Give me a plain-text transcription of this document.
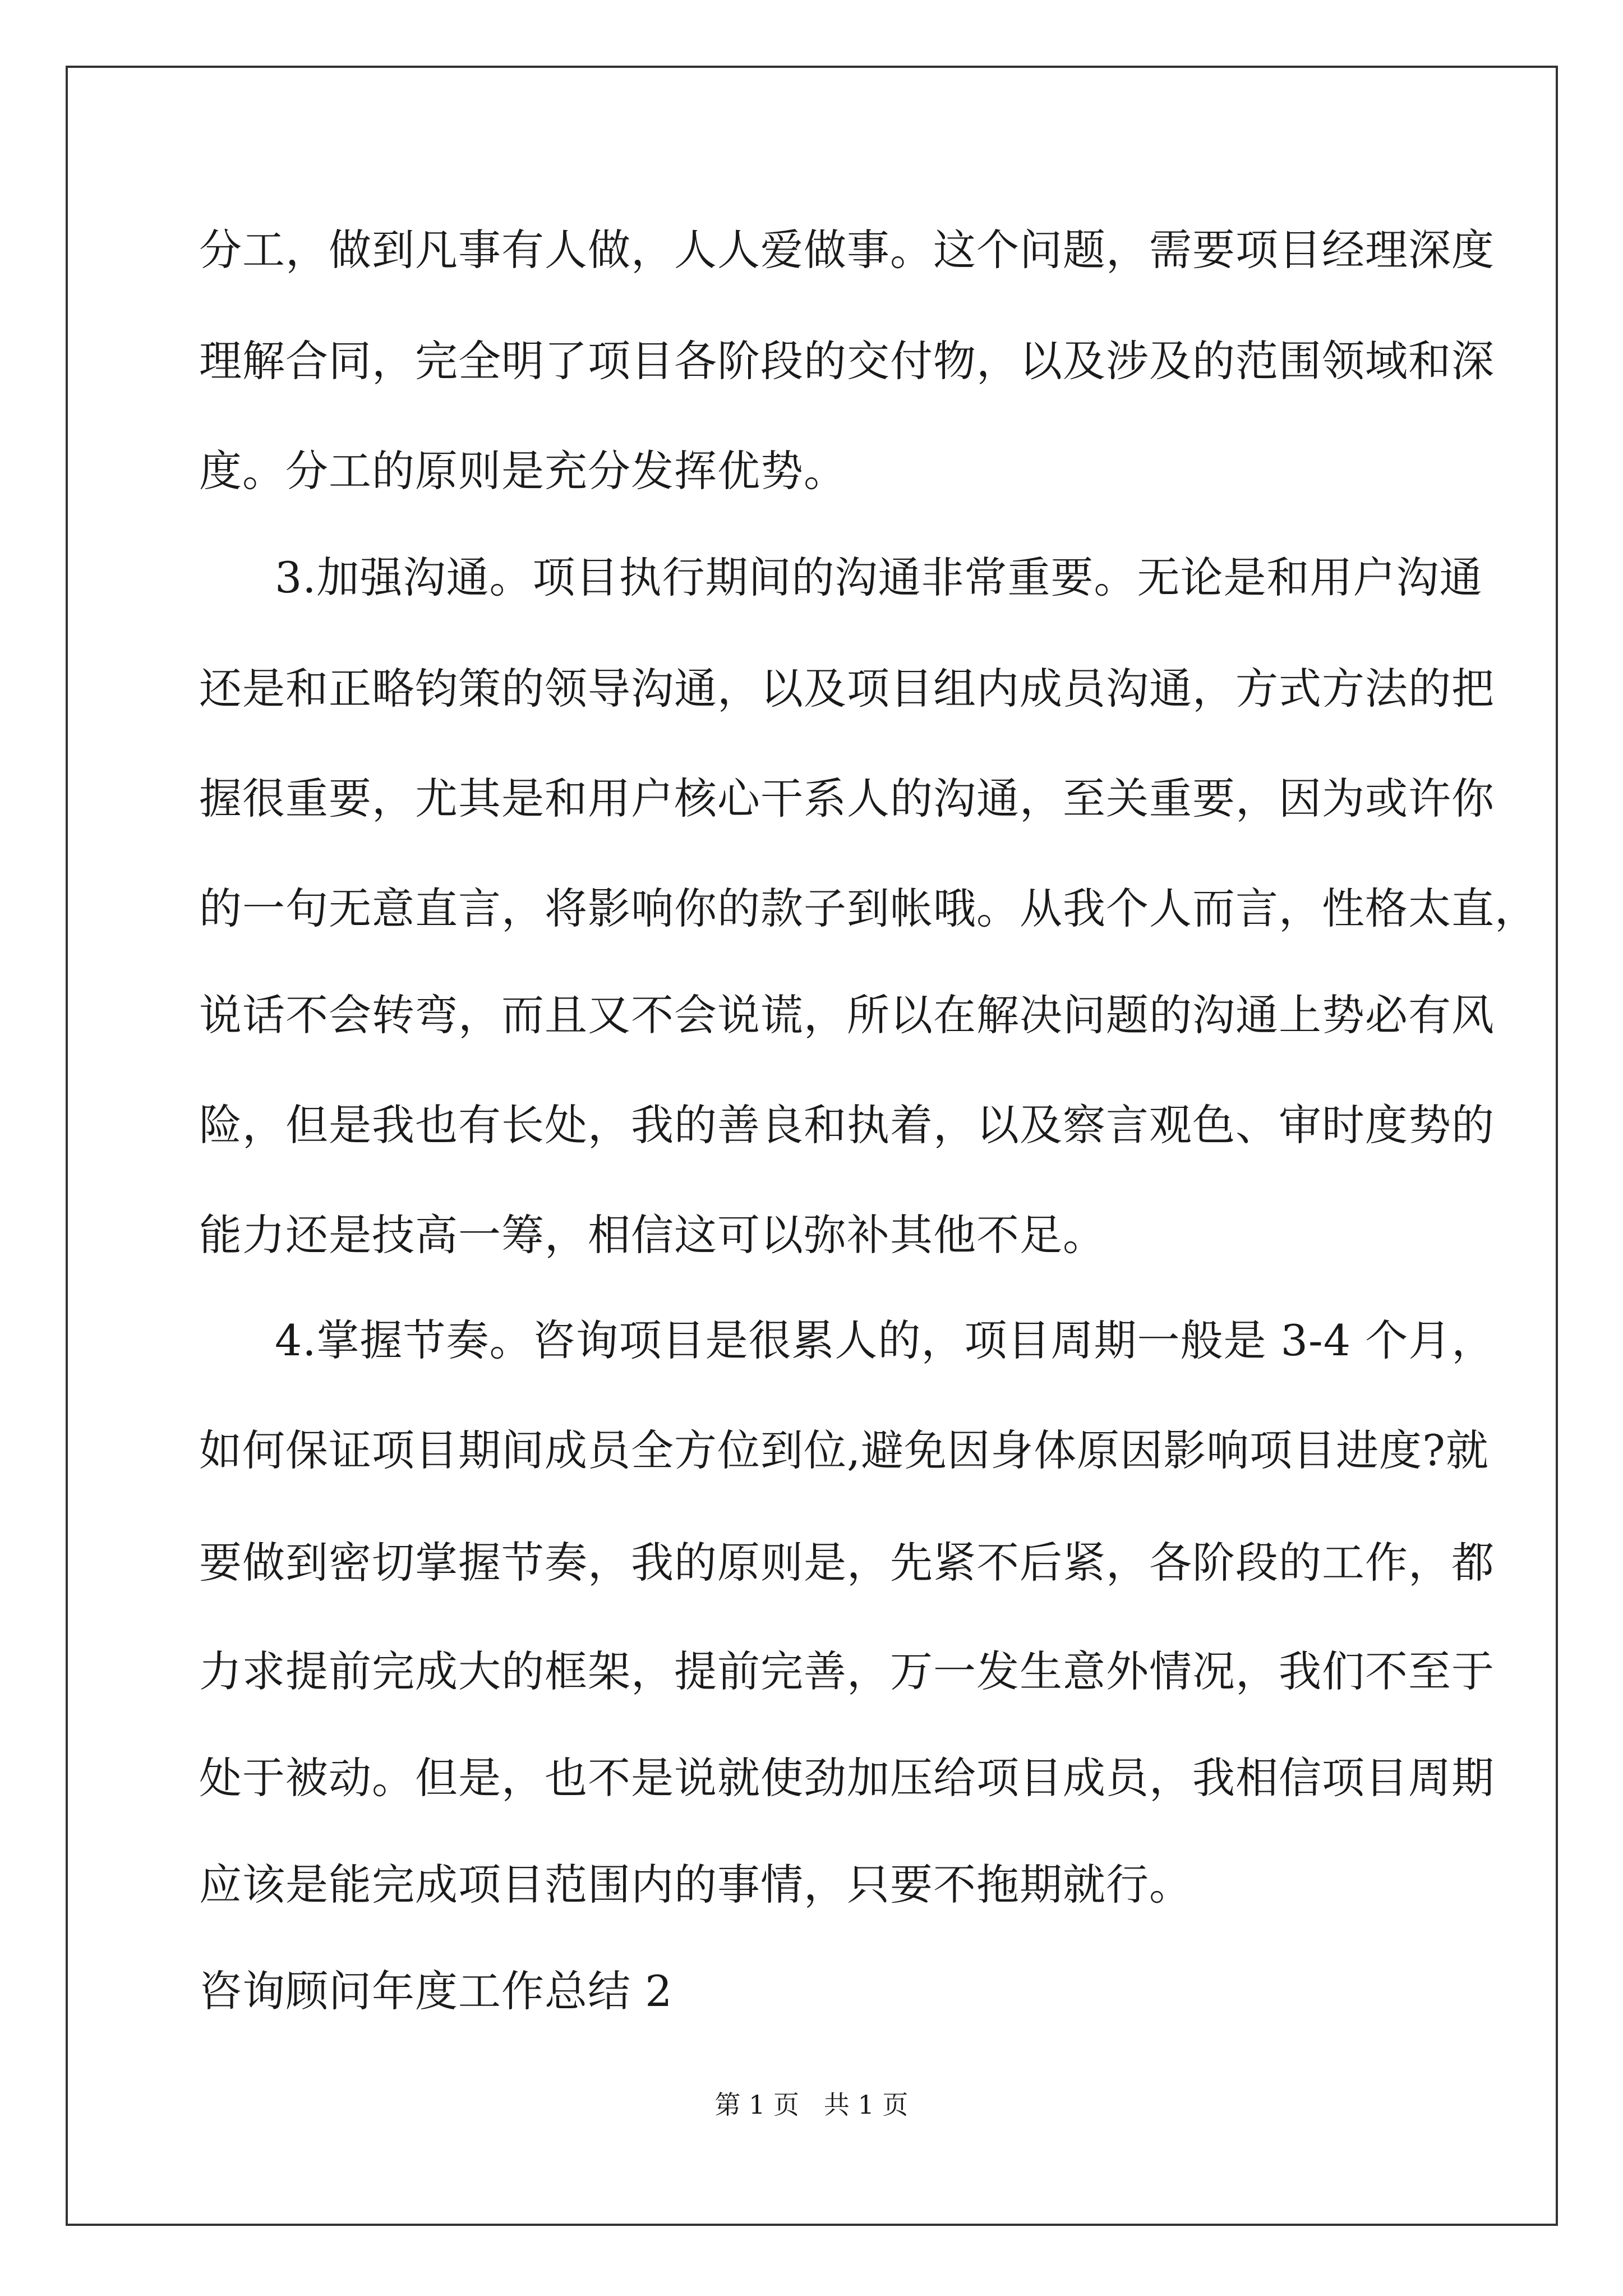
分工，做到凡事有人做，人人爱做事。这个问题，需要项目经理深度
理解合同，完全明了项目各阶段的交付物，以及涉及的范围领域和深
度。分工的原则是充分发挥优势。
3.加强沟通。项目执行期间的沟通非常重要。无论是和用户沟通
还是和正略钧策的领导沟通，以及项目组内成员沟通，方式方法的把
握很重要，尤其是和用户核心干系人的沟通，至关重要，因为或许你
的一句无意直言，将影响你的款子到帐哦。从我个人而言，性格太直，
说话不会转弯，而且又不会说谎，所以在解决问题的沟通上势必有风
险，但是我也有长处，我的善良和执着，以及察言观色、审时度势的
能力还是技高一筹，相信这可以弥补其他不足。
4.掌握节奏。咨询项目是很累人的，项目周期一般是 3-4 个月，
如何保证项目期间成员全方位到位,避免因身体原因影响项目进度?就
要做到密切掌握节奏，我的原则是，先紧不后紧，各阶段的工作，都
力求提前完成大的框架，提前完善，万一发生意外情况，我们不至于
处于被动。但是，也不是说就使劲加压给项目成员，我相信项目周期
应该是能完成项目范围内的事情，只要不拖期就行。
咨询顾问年度工作总结 2
第 1 页   共 1 页
